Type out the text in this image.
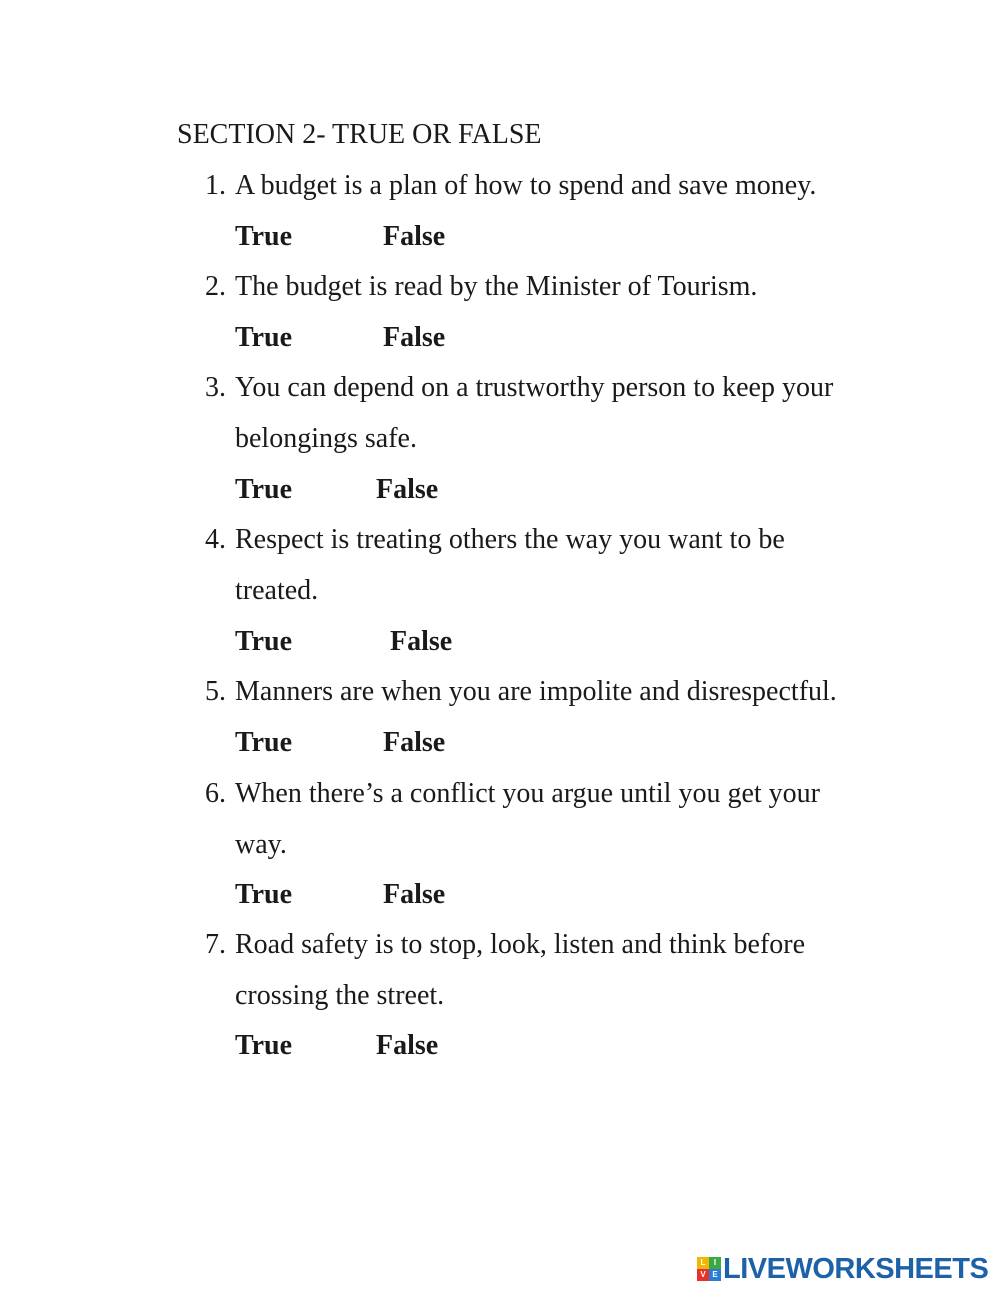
SECTION 2- TRUE OR FALSE
1. A budget is a plan of how to spend and save money.
True	False
2. The budget is read by the Minister of Tourism.
True	False
3. You can depend on a trustworthy person to keep your
belongings safe.
True	False
4. Respect is treating others the way you want to be
treated.
True	False
5. Manners are when you are impolite and disrespectful.
True	False
6. When there’s a conflict you argue until you get your
way.
True	False
7. Road safety is to stop, look, listen and think before
crossing the street.
True	False
L	I
V E LIVEWORKSHEETS
